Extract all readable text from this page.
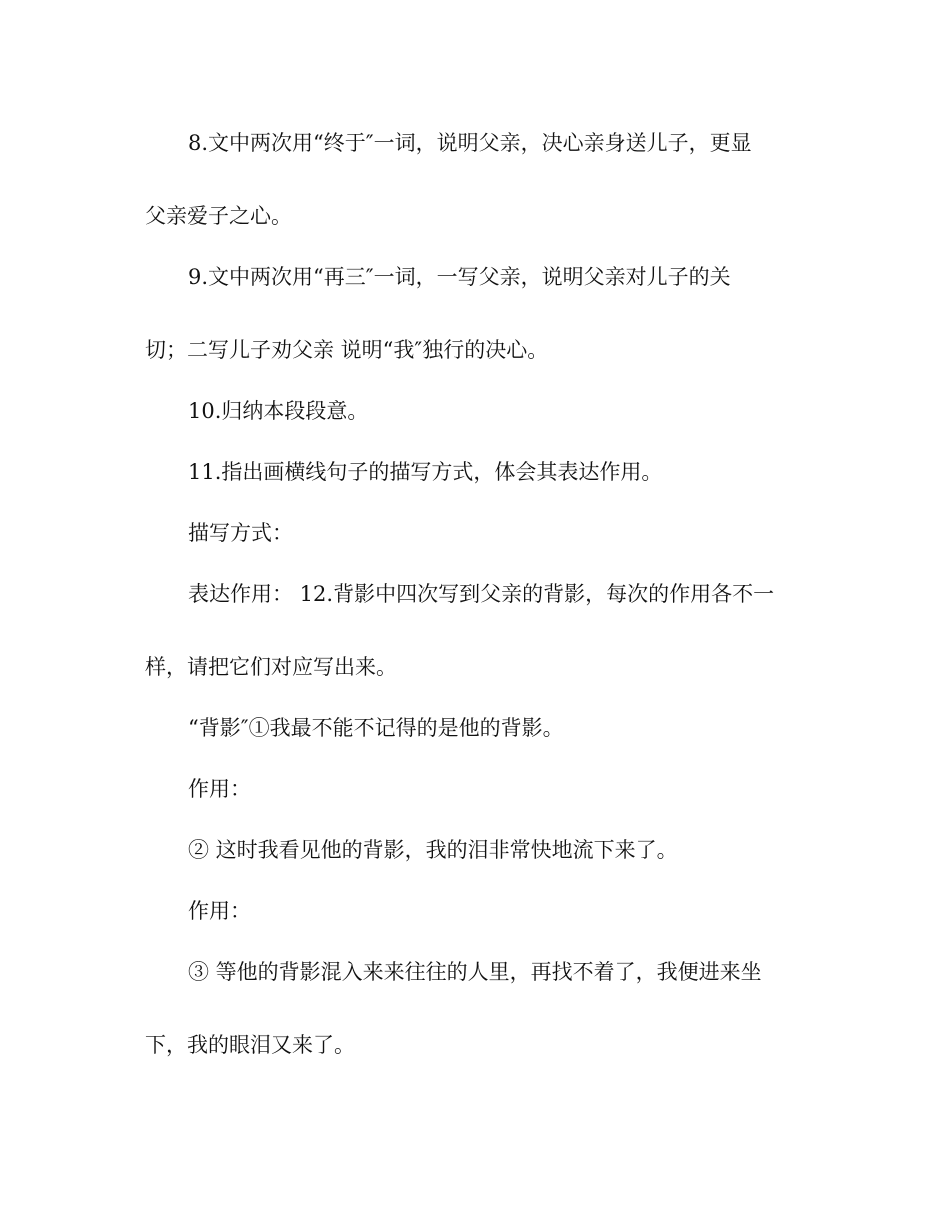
8.文中两次用“终于″一词，说明父亲，决心亲身送儿子，更显
父亲爱子之心。
9.文中两次用“再三″一词，一写父亲，说明父亲对儿子的关
切；二写儿子劝父亲 说明“我″独行的决心。
10.归纳本段段意。
11.指出画横线句子的描写方式，体会其表达作用。
描写方式：
表达作用： 12.背影中四次写到父亲的背影，每次的作用各不一
样，请把它们对应写出来。
“背影″①我最不能不记得的是他的背影。
作用：
② 这时我看见他的背影，我的泪非常快地流下来了。
作用：
③ 等他的背影混入来来往往的人里，再找不着了，我便进来坐
下，我的眼泪又来了。
